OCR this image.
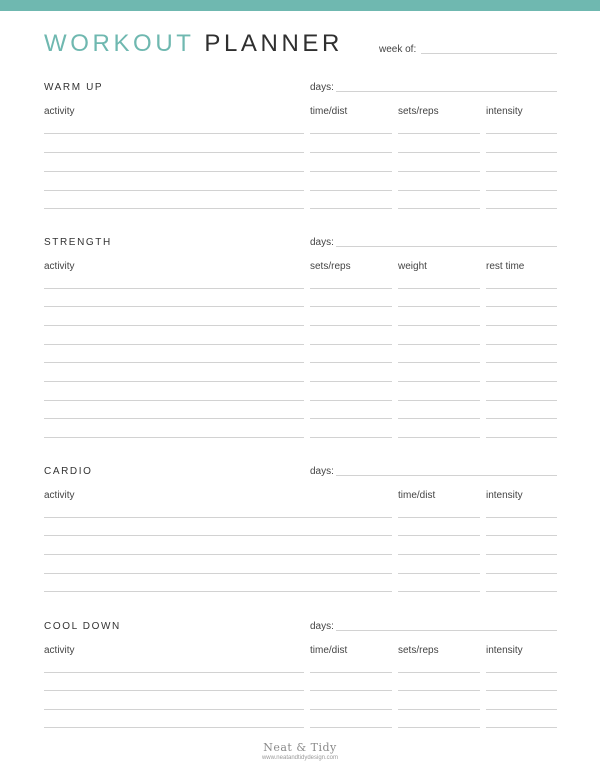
WORKOUT PLANNER	week of:
WARM UP	days:
activity	time/dist	sets/reps	intensity
STRENGTH	days:
activity	sets/reps	weight	rest time
CARDIO	days:
activity	time/dist	intensity
COOL DOWN	days:
activity	time/dist	sets/reps	intensity
Neat & Tidy
www.neatandtidydesign.com
